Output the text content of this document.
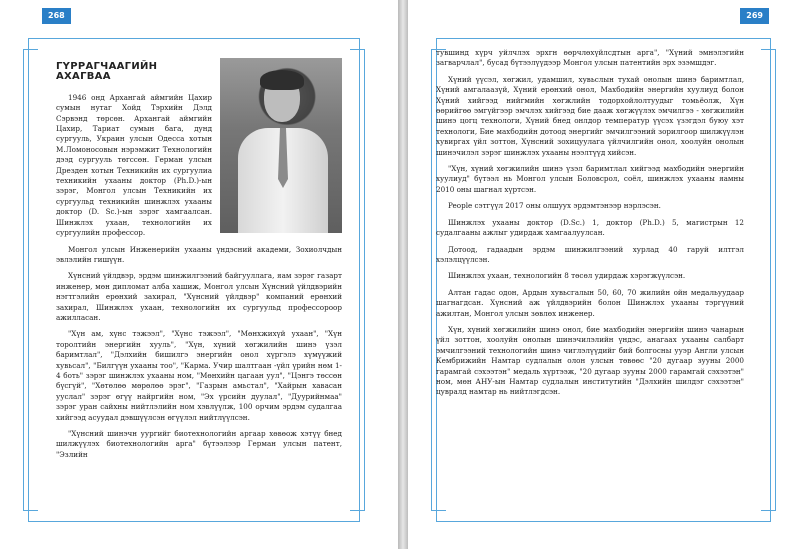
268
ГҮРРАГЧААГИЙН АХАГВАА

1946 онд Архангай аймгийн Цахир сумын нутаг Хойд Тэрхийн Дэлд Сэрвэнд төрсөн. Архангай аймгийн Цахир, Тариат сумын бага, дунд сургууль, Украин улсын Одесса хотын М.Ломоносовын нэрэмжит Технологийн дээд сургууль төгссөн. Герман улсын Дрезден хотын Техникийн их сургуулиа техникийн ухааны доктор (Ph.D.)-ын зэрэг, Монгол улсын Техникийн их сургуульд техникийн шинжлэх ухааны доктор (D. Sc.)-ын зэрэг хамгаалсан. Шинжлэх ухаан, технологийн их сургуулийн профессор.

Монгол улсын Инженерийн ухааны үндэсний академи, Зохиолчдын эвлэлийн гишүүн.

Хүнсний үйлдвэр, эрдэм шинжилгээний байгууллага, яам зэрэг газарт инженер, мөн дипломат алба хашиж, Монгол улсын Хүнсний үйлдвэрийн нэгтгэлийн ерөнхий захирал, "Хүнсний үйлдвэр" компаний ерөнхий захирал, Шинжлэх ухаан, технологийн их сургуульд профессороор ажилласан.

"Хүн ам, хүнс тэжээл", "Хүнс тэжээл", "Мөнхжихүй ухаан", "Хүн торолтийн энергийн хууль", "Хүн, хүний хөгжилийн шинэ үзэл баримтлал", "Дэлхийн бишилгэ энергийн онол хүргэлэ хүмүүжий хувьсал", "Билгүүн ухааны тоо", "Карма. Учир шалтгаан -үйл үрийн нөм 1-4 боть" зэрэг шинжлэх ухааны ном, "Мөнхийн цагаан уул", "Цэнгэ төссөн бүсгүй", "Хөтөлөө мөрөлөө эрэг", "Газрын амьстал", "Хайрын хавасан ууслал" зэрэг өгүү найргийн ном, "Эх үрсийн дуулал", "Дуурийнмаа" зэрэг уран сайхны нийтлэлийн ном хэвлүүлж, 100 орчим эрдэм судалгаа хийгээд асуудал дэвшүүлсэн өгүүлэл нийтлүүлсэн.

"Хүнсний шинэчн уургийг биотехнологийн аргаар хөвөож хэтүү бнед шилжүүлэх биотехнологийн арга" бүтээлээр Герман улсын патент, "Эзлийн

269

тувшинд хүрч уйлчлэх эрхгн өөрчлөхүйлсдтын арга", "Хүний эмнэлэгийн загварчлал", бусад бүтээлүүдээр Монгол улсын патентийн эрх эзэмшдэг.

Хүний үүсэл, хөгжил, удамшил, хувьслын тухай онолын шинэ баримтлал, Хүний амгалаазүй, Хүний ерөнхий онол, Махбодийн энергийн хуулиуд болон Хүний хийгээд нийгмийн хөгжлийн тодорхойлолтуудыг томьёолж, Хүн өөрийгөө эмгүйгээр эмчлэх хийгээд бие дааж хөгжүүлэх эмчилгээ - хөгжилийн шинэ цогц технологи, Хүний бнед онлдор температур үүсэх үзэгдэл буюу хэт технологи, Бие махбодийн дотоод энергийг эмчилгээний зорилгоор шилжүүлэн хувиргах үйл зоттон, Хүнсний зохицуулага үйлчилгийн онол, хоолуйн онолын шинэчилэл зэрэг шинжлэх ухааны нээлтүүд хийсэн.

"Хүн, хүний хөгжилийн шинэ үзэл баримтлал хийгээд махбодийн энергийн хуулиуд" бүтээл нь Монгол улсын Боловсрол, соёл, шинжлэх ухааны яамны 2010 оны шагнал хүртсэн.

People сэтгүүл 2017 оны олшуух эрдэмтэнээр нэрлэсэн.

Шинжлэх ухааны доктор (D.Sc.) 1, доктор (Ph.D.) 5, магистрын 12 судалгааны ажлыг удирдаж хамгаалуулсан.

Дотоод, гадаадын эрдэм шинжилгээний хурлад 40 гаруй илтгэл хэлэлцүүлсэн.

Шинжлэх ухаан, технологийн 8 төсөл удирдаж хэрэгжүүлсэн.

Алтан гадас одон, Ардын хувьсгалын 50, 60, 70 жилийн ойн медальуудаар шагнагдсан. Хүнсний аж үйлдвэрийн болон Шинжлэх ухааны тэргүүний ажилтан, Монгол улсын зөвлөх инженер.

Хүн, хүний хөгжилийн шинэ онол, бие махбодийн энергийн шинэ чанарын үйл зоттон, хоолуйн онолын шинэчилэлийн үндэс, анагаах ухааны салбарт эмчилгээний технологийн шинэ чиглэлүүдийг бий болгосны ууэр Англи улсын Кембрижийн Намтар судлалын олон улсын төвөөс "20 дугаар зууны 2000 гарамгай сэхээтэн" медаль хүртээж, "20 дугаар зууны 2000 гарамгай сэхээтэн" ном, мөн АНУ-ын Намтар судлалын институтийн "Дэлхийн шилдэг сэхээтэн" цувралд намтар нь нийтлэгдсэн.
